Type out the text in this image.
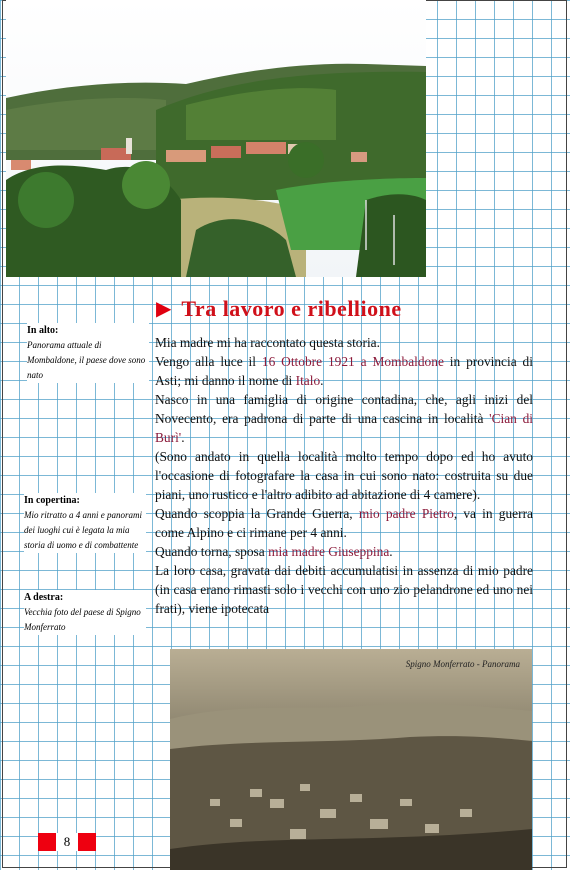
▶ Tra lavoro e ribellione
In alto:
Panorama attuale di Mombaldone, il paese dove sono nato
In copertina:
Mio ritratto a 4 anni e panorami dei luoghi cui è legata la mia storia di uomo e di combattente
A destra:
Vecchia foto del paese di Spigno Monferrato

Mia madre mi ha raccontato questa storia.

Vengo alla luce il 16 Ottobre 1921 a Mombaldone in provincia di Asti; mi danno il nome di Italo.

Nasco in una famiglia di origine contadina, che, agli inizi del Novecento, era padrona di parte di una cascina in località 'Cian di Burì'.

(Sono andato in quella località molto tempo dopo ed ho avuto l'occasione di fotografare la casa in cui sono nato: costruita su due piani, uno rustico e l'altro adibito ad abitazione di 4 camere).

Quando scoppia la Grande Guerra, mio padre Pietro, va in guerra come Alpino e ci rimane per 4 anni.

Quando torna, sposa mia madre Giuseppina.

La loro casa, gravata dai debiti accumulatisi in assenza di mio padre (in casa erano rimasti solo i vecchi con uno zio pelandrone ed uno nei frati), viene ipotecata

Spigno Monferrato - Panorama
8
